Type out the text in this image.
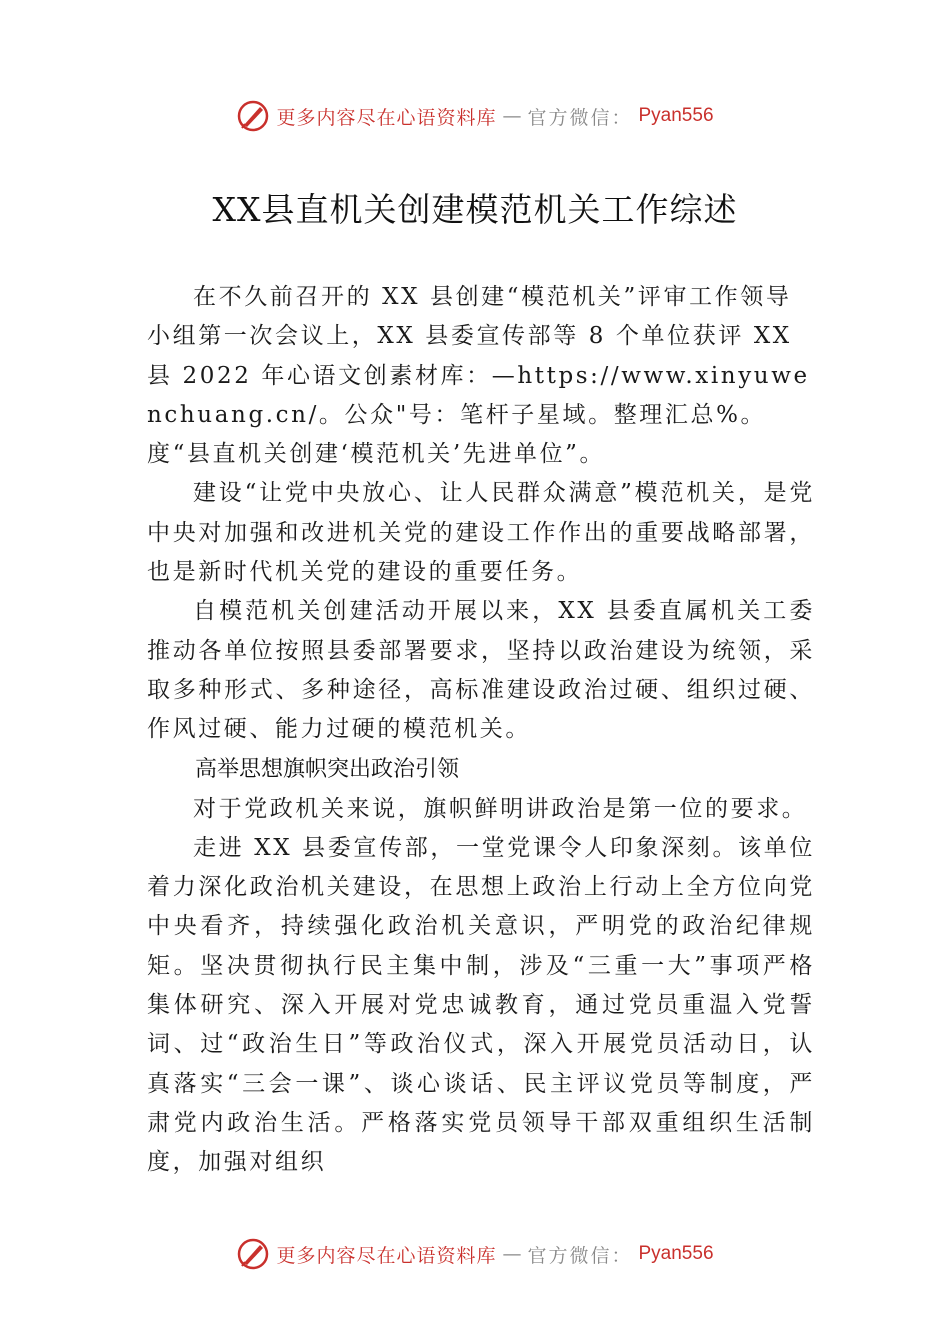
更多内容尽在心语资料库 — 官方微信： Pyan556
XX县直机关创建模范机关工作综述

在不久前召开的 XX 县创建“模范机关”评审工作领导小组第一次会议上，XX 县委宣传部等 8 个单位获评 XX 县 2022 年心语文创素材库：—https://www.xinyuwenchuang.cn/。公众"号：笔杆子星域。整理汇总%。度“县直机关创建‘模范机关’先进单位”。

建设“让党中央放心、让人民群众满意”模范机关，是党中央对加强和改进机关党的建设工作作出的重要战略部署，也是新时代机关党的建设的重要任务。

自模范机关创建活动开展以来，XX 县委直属机关工委推动各单位按照县委部署要求，坚持以政治建设为统领，采取多种形式、多种途径，高标准建设政治过硬、组织过硬、 作风过硬、能力过硬的模范机关。

高举思想旗帜突出政治引领

对于党政机关来说，旗帜鲜明讲政治是第一位的要求。

走进 XX 县委宣传部，一堂党课令人印象深刻。该单位着力深化政治机关建设，在思想上政治上行动上全方位向党中央看齐，持续强化政治机关意识，严明党的政治纪律规矩。坚决贯彻执行民主集中制，涉及“三重一大”事项严格集体研究、深入开展对党忠诚教育，通过党员重温入党誓词、过“政治生日”等政治仪式，深入开展党员活动日，认真落实“三会一课”、谈心谈话、民主评议党员等制度，严肃党内政治生活。严格落实党员领导干部双重组织生活制度，加强对组织

更多内容尽在心语资料库 — 官方微信： Pyan556
